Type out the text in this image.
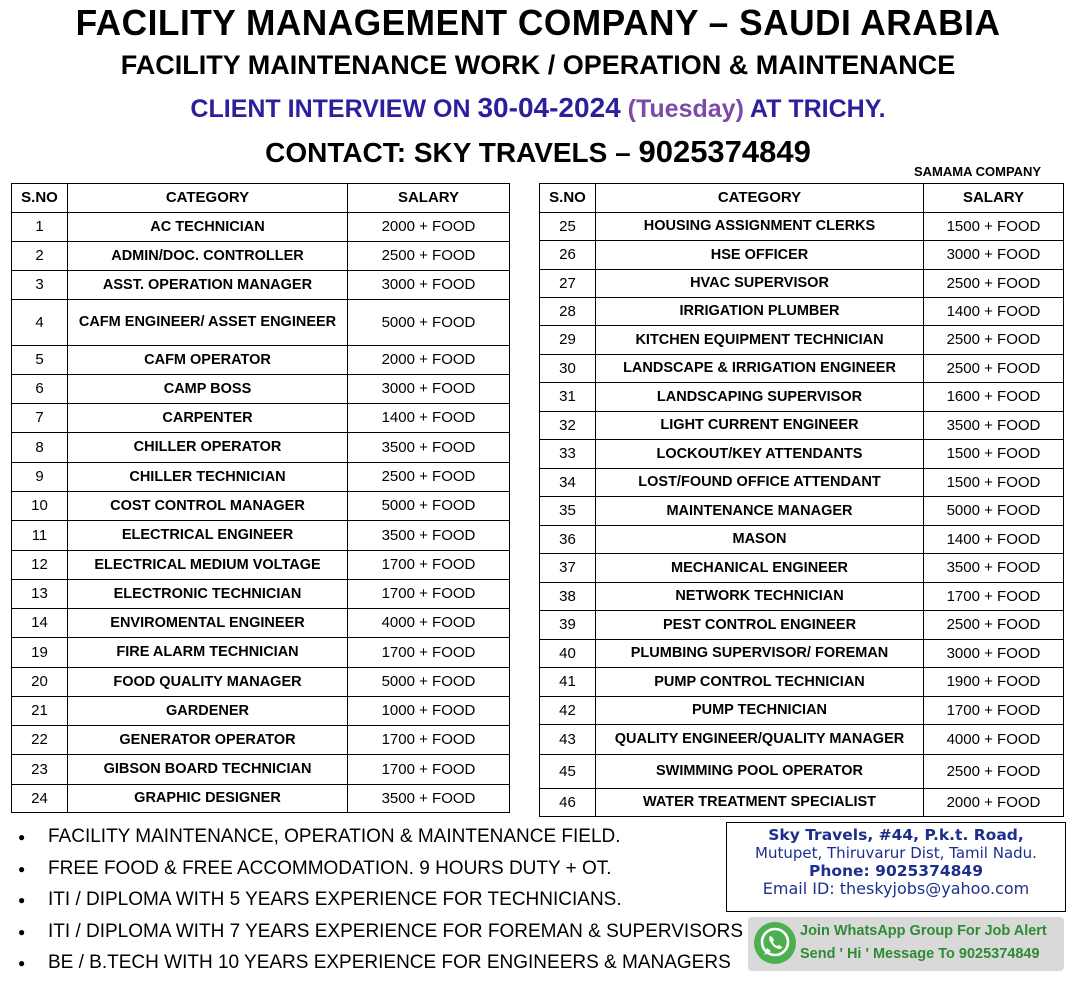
FACILITY MANAGEMENT COMPANY – SAUDI ARABIA
FACILITY MAINTENANCE WORK / OPERATION & MAINTENANCE
CLIENT INTERVIEW ON 30-04-2024 (Tuesday) AT TRICHY.
CONTACT: SKY TRAVELS – 9025374849
SAMAMA COMPANY
S.NO	CATEGORY	SALARY
1	AC TECHNICIAN	2000 + FOOD
2	ADMIN/DOC. CONTROLLER	2500 + FOOD
3	ASST. OPERATION MANAGER	3000 + FOOD
4	CAFM ENGINEER/ ASSET ENGINEER	5000 + FOOD
5	CAFM OPERATOR	2000 + FOOD
6	CAMP BOSS	3000 + FOOD
7	CARPENTER	1400 + FOOD
8	CHILLER OPERATOR	3500 + FOOD
9	CHILLER TECHNICIAN	2500 + FOOD
10	COST CONTROL MANAGER	5000 + FOOD
11	ELECTRICAL ENGINEER	3500 + FOOD
12	ELECTRICAL MEDIUM VOLTAGE	1700 + FOOD
13	ELECTRONIC TECHNICIAN	1700 + FOOD
14	ENVIROMENTAL ENGINEER	4000 + FOOD
19	FIRE ALARM TECHNICIAN	1700 + FOOD
20	FOOD QUALITY MANAGER	5000 + FOOD
21	GARDENER	1000 + FOOD
22	GENERATOR OPERATOR	1700 + FOOD
23	GIBSON BOARD TECHNICIAN	1700 + FOOD
24	GRAPHIC DESIGNER	3500 + FOOD
S.NO	CATEGORY	SALARY
25	HOUSING ASSIGNMENT CLERKS	1500 + FOOD
26	HSE OFFICER	3000 + FOOD
27	HVAC SUPERVISOR	2500 + FOOD
28	IRRIGATION PLUMBER	1400 + FOOD
29	KITCHEN EQUIPMENT TECHNICIAN	2500 + FOOD
30	LANDSCAPE & IRRIGATION ENGINEER	2500 + FOOD
31	LANDSCAPING SUPERVISOR	1600 + FOOD
32	LIGHT CURRENT ENGINEER	3500 + FOOD
33	LOCKOUT/KEY ATTENDANTS	1500 + FOOD
34	LOST/FOUND OFFICE ATTENDANT	1500 + FOOD
35	MAINTENANCE MANAGER	5000 + FOOD
36	MASON	1400 + FOOD
37	MECHANICAL ENGINEER	3500 + FOOD
38	NETWORK TECHNICIAN	1700 + FOOD
39	PEST CONTROL ENGINEER	2500 + FOOD
40	PLUMBING SUPERVISOR/ FOREMAN	3000 + FOOD
41	PUMP CONTROL TECHNICIAN	1900 + FOOD
42	PUMP TECHNICIAN	1700 + FOOD
43	QUALITY ENGINEER/QUALITY MANAGER	4000 + FOOD
45	SWIMMING POOL OPERATOR	2500 + FOOD
46	WATER TREATMENT SPECIALIST	2000 + FOOD
● FACILITY MAINTENANCE, OPERATION & MAINTENANCE FIELD.
● FREE FOOD & FREE ACCOMMODATION. 9 HOURS DUTY + OT.
● ITI / DIPLOMA WITH 5 YEARS EXPERIENCE FOR TECHNICIANS.
● ITI / DIPLOMA WITH 7 YEARS EXPERIENCE FOR FOREMAN & SUPERVISORS
● BE / B.TECH WITH 10 YEARS EXPERIENCE FOR ENGINEERS & MANAGERS
Sky Travels, #44, P.k.t. Road,
Mutupet, Thiruvarur Dist, Tamil Nadu.
Phone: 9025374849
Email ID: theskyjobs@yahoo.com
Join WhatsApp Group For Job Alert
Send ' Hi ' Message To 9025374849
